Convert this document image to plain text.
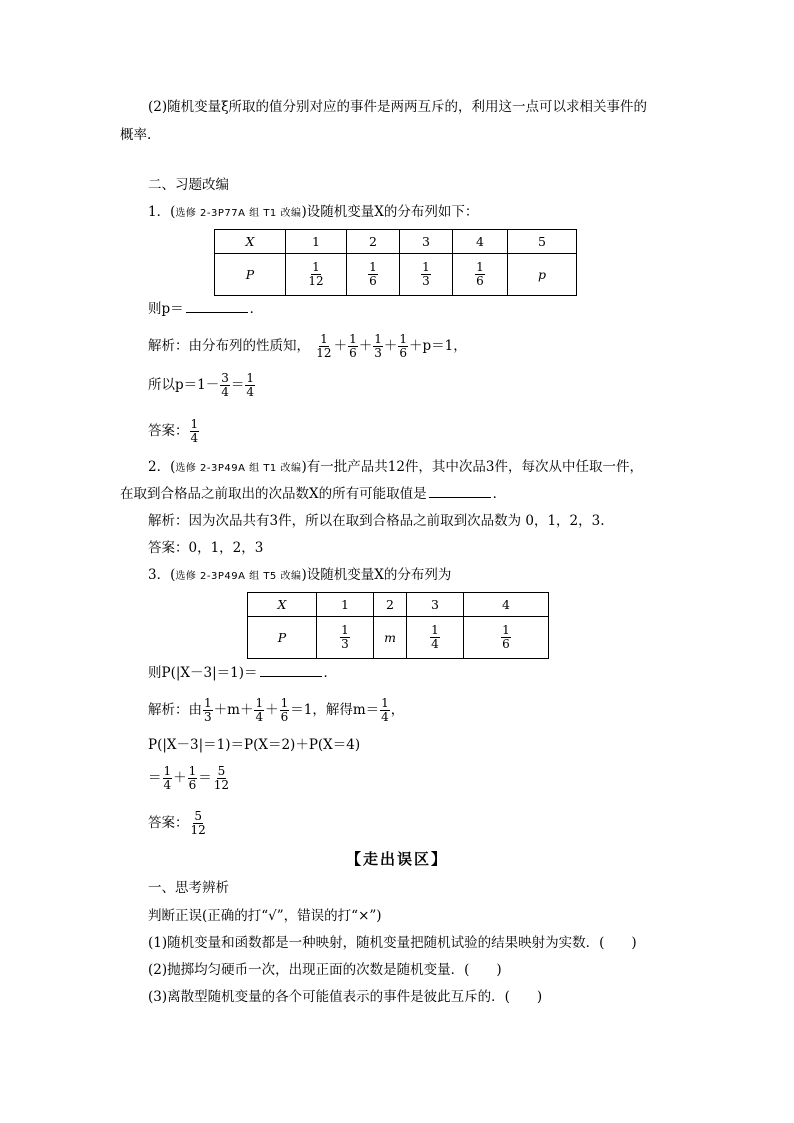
(2)随机变量ξ所取的值分别对应的事件是两两互斥的，利用这一点可以求相关事件的
概率.
二、习题改编
1．(选修 2-3P77A 组 T1 改编)设随机变量X的分布列如下：
X	1	2	3	4	5
P	$\frac{1}{12}$	$\frac{1}{6}$	$\frac{1}{3}$	$\frac{1}{6}$	p
则p＝	．
解析：由分布列的性质知， $\frac{1}{12} + \frac{1}{6} + \frac{1}{3} + \frac{1}{6} +p=1$，
所以$p=1- \frac{3}{4} = \frac{1}{4}$
答案： $\frac{1}{4}$
2．(选修 2-3P49A 组 T1 改编)有一批产品共12件，其中次品3件，每次从中任取一件，
在取到合格品之前取出的次品数X的所有可能取值是	．
解析：因为次品共有3件，所以在取到合格品之前取到次品数为 0，1，2，3.
答案：0，1，2，3
3．(选修 2-3P49A 组 T5 改编)设随机变量X的分布列为
X	1	2	3	4
P	$\frac{1}{3}$	m	$\frac{1}{4}$	$\frac{1}{6}$
则P(|X－3|＝1)＝	．
解析：由 $\frac{1}{3} +m+ \frac{1}{4} + \frac{1}{6} =1$，解得$m= \frac{1}{4}$ ，
P(|X－3|＝1)＝P(X＝2)＋P(X＝4)
＝ $\frac{1}{4} + \frac{1}{6} = \frac{5}{12}$
答案： $\frac{5}{12}$
【走出误区】
一、思考辨析
判断正误(正确的打“√”，错误的打“×”)
(1)随机变量和函数都是一种映射，随机变量把随机试验的结果映射为实数．(　　)
(2)抛掷均匀硬币一次，出现正面的次数是随机变量．(　　)
(3)离散型随机变量的各个可能值表示的事件是彼此互斥的．(　　)
